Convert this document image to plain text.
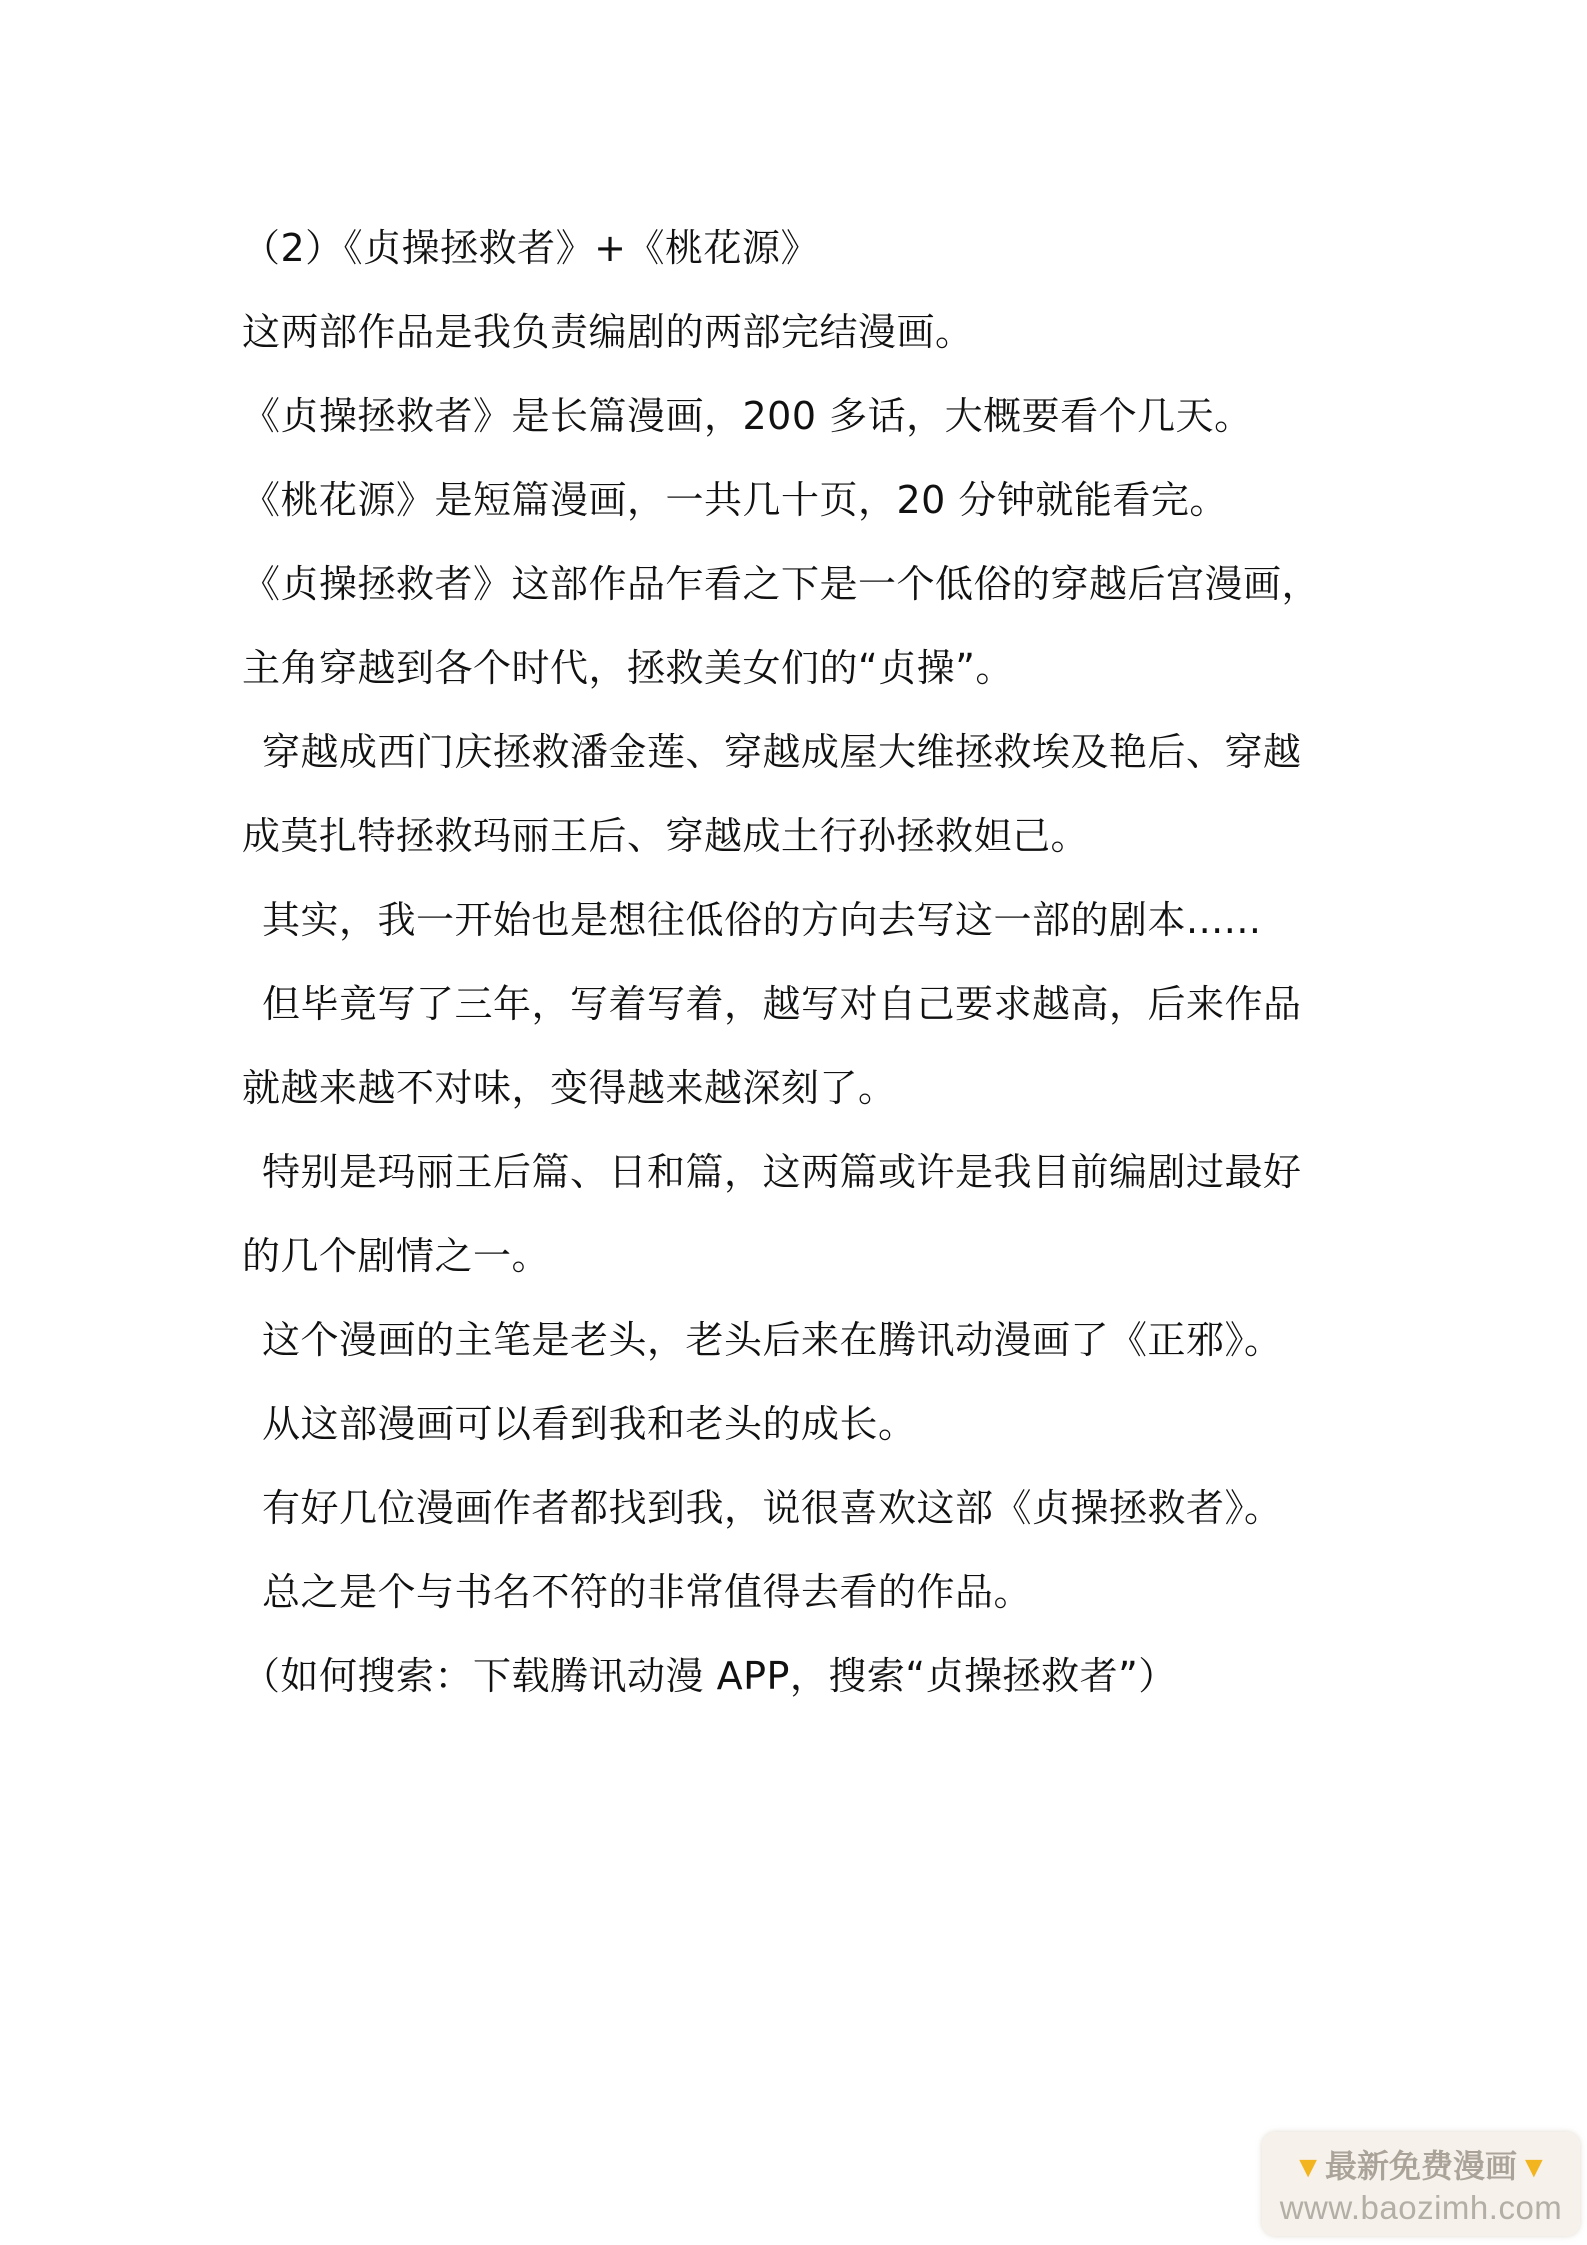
（2）《贞操拯救者》+《桃花源》
这两部作品是我负责编剧的两部完结漫画。
《贞操拯救者》是长篇漫画，200 多话，大概要看个几天。
《桃花源》是短篇漫画，一共几十页，20 分钟就能看完。
《贞操拯救者》这部作品乍看之下是一个低俗的穿越后宫漫画，
主角穿越到各个时代，拯救美女们的“贞操”。
穿越成西门庆拯救潘金莲、穿越成屋大维拯救埃及艳后、穿越
成莫扎特拯救玛丽王后、穿越成土行孙拯救妲己。
其实，我一开始也是想往低俗的方向去写这一部的剧本......
但毕竟写了三年，写着写着，越写对自己要求越高，后来作品
就越来越不对味，变得越来越深刻了。
特别是玛丽王后篇、日和篇，这两篇或许是我目前编剧过最好
的几个剧情之一。
这个漫画的主笔是老头，老头后来在腾讯动漫画了《正邪》。
从这部漫画可以看到我和老头的成长。
有好几位漫画作者都找到我，说很喜欢这部《贞操拯救者》。
总之是个与书名不符的非常值得去看的作品。
（如何搜索：下载腾讯动漫 APP，搜索“贞操拯救者”）
▼最新免费漫画▼
www.baozimh.com
